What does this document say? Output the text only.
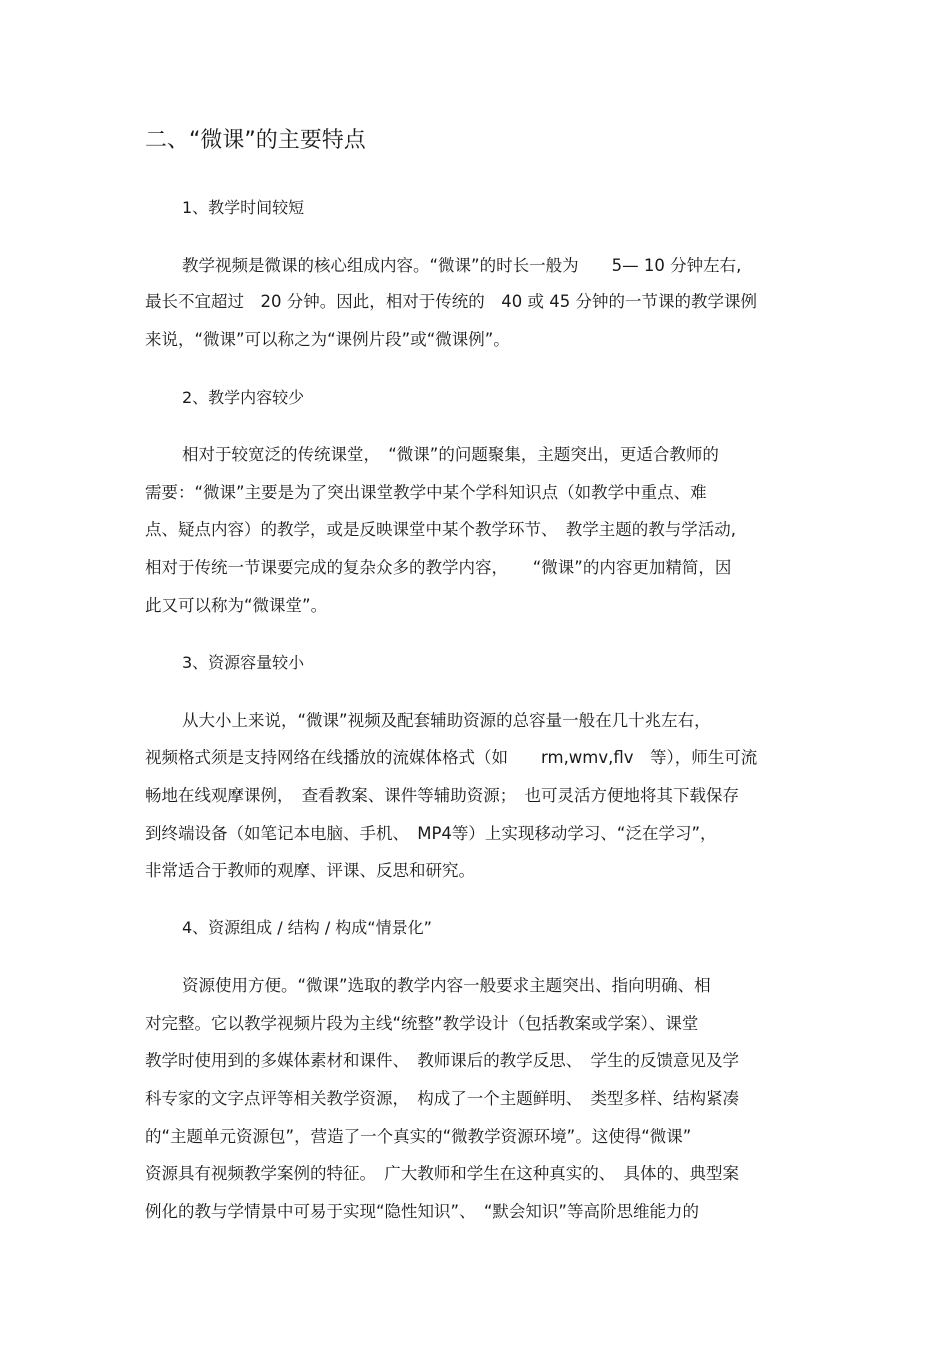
二、“微课”的主要特点
1、教学时间较短
教学视频是微课的核心组成内容。“微课”的时长一般为　　5— 10 分钟左右,
最长不宜超过　20 分钟。因此，相对于传统的　40 或 45 分钟的一节课的教学课例
来说，“微课”可以称之为“课例片段”或“微课例”。
2、教学内容较少
相对于较宽泛的传统课堂，　“微课”的问题聚集，主题突出，更适合教师的
需要：“微课”主要是为了突出课堂教学中某个学科知识点（如教学中重点、难
点、疑点内容）的教学，或是反映课堂中某个教学环节、　教学主题的教与学活动,
相对于传统一节课要完成的复杂众多的教学内容，　　“微课”的内容更加精简，因
此又可以称为“微课堂”。
3、资源容量较小
从大小上来说，“微课”视频及配套辅助资源的总容量一般在几十兆左右，
视频格式须是支持网络在线播放的流媒体格式（如　　rm,wmv,flv　等），师生可流
畅地在线观摩课例，　查看教案、课件等辅助资源；　也可灵活方便地将其下载保存
到终端设备（如笔记本电脑、手机、　MP4等）上实现移动学习、“泛在学习”，
非常适合于教师的观摩、评课、反思和研究。
4、资源组成 / 结构 / 构成“情景化”
资源使用方便。“微课”选取的教学内容一般要求主题突出、指向明确、相
对完整。它以教学视频片段为主线“统整”教学设计（包括教案或学案）、课堂
教学时使用到的多媒体素材和课件、　教师课后的教学反思、　学生的反馈意见及学
科专家的文字点评等相关教学资源，　构成了一个主题鲜明、　类型多样、结构紧凑
的“主题单元资源包”，营造了一个真实的“微教学资源环境”。这使得“微课”
资源具有视频教学案例的特征。　广大教师和学生在这种真实的、　具体的、典型案
例化的教与学情景中可易于实现“隐性知识”、　“默会知识”等高阶思维能力的
